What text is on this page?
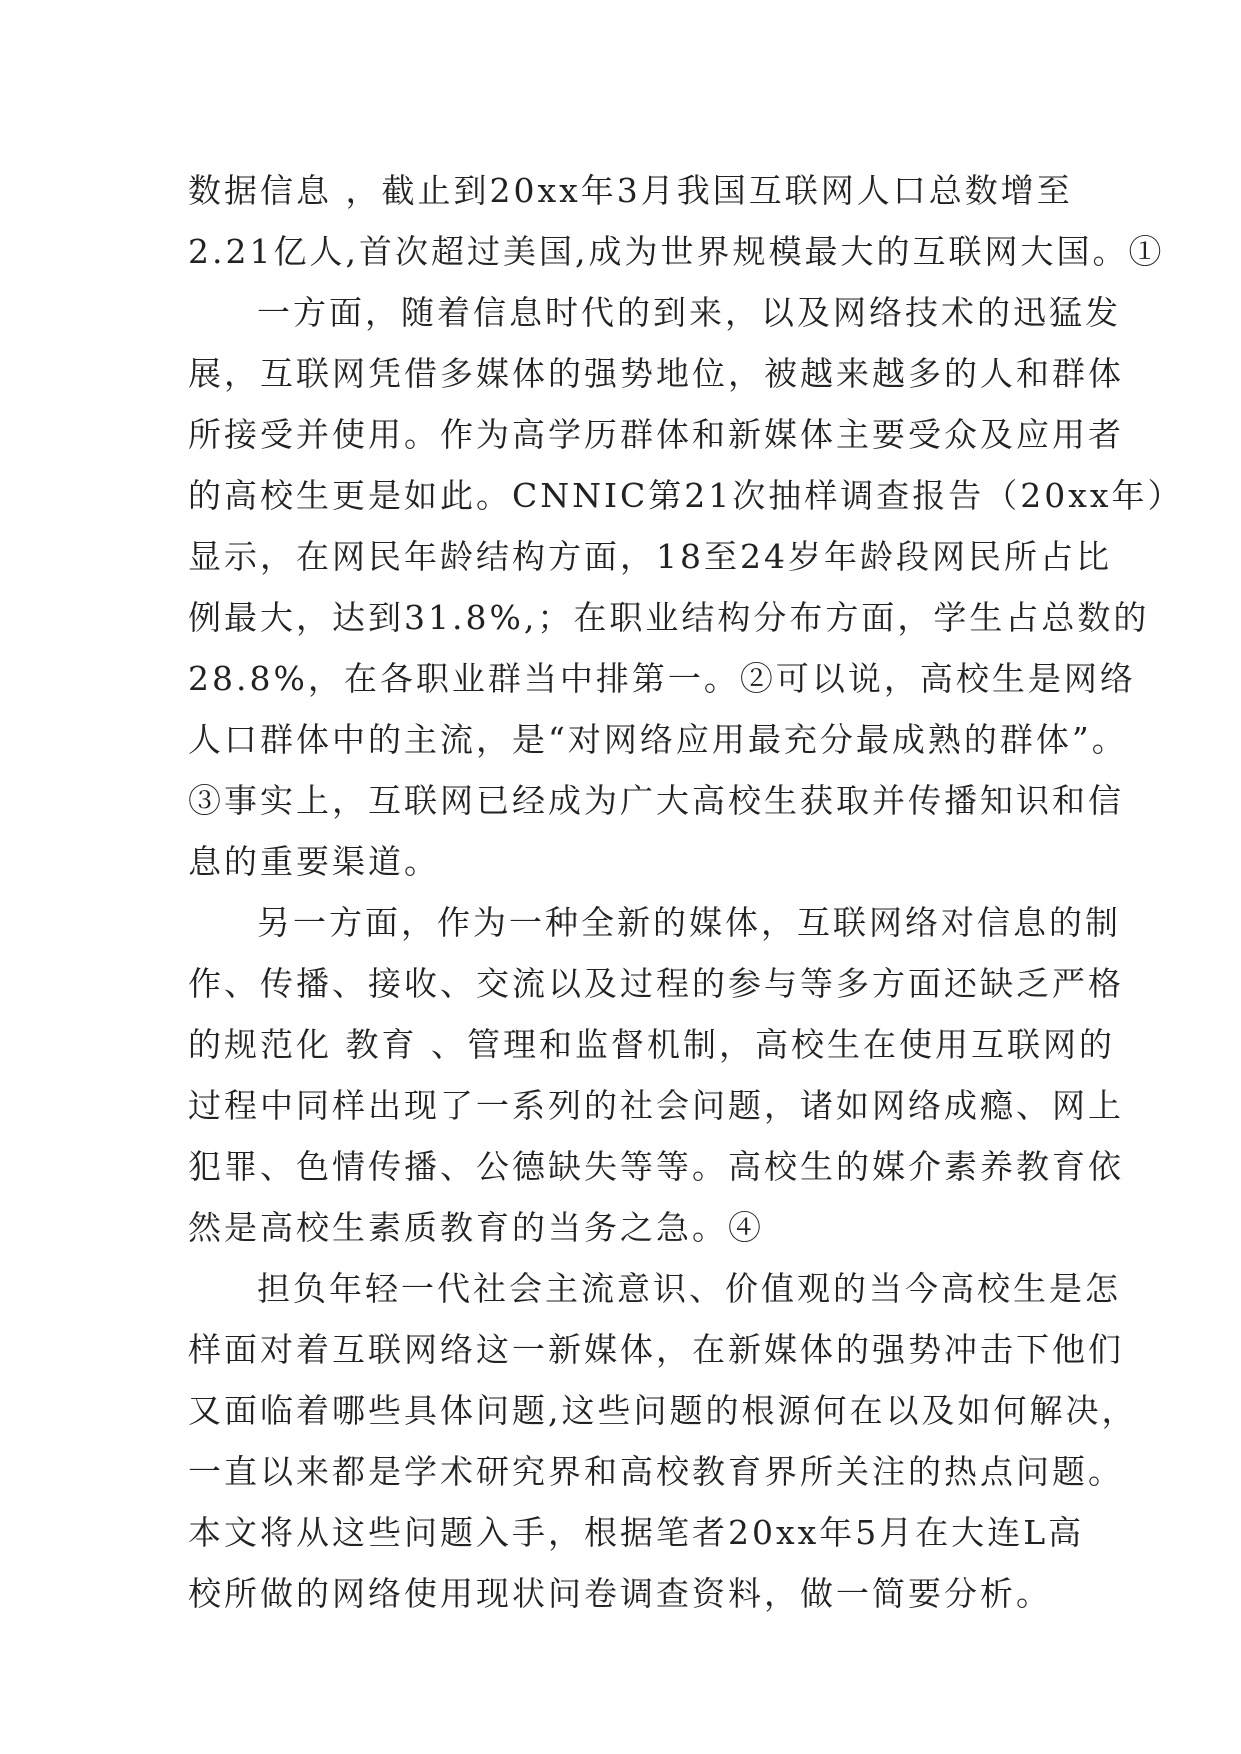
数据信息 ，截止到20xx年3月我国互联网人口总数增至
2.21亿人,首次超过美国,成为世界规模最大的互联网大国。①
一方面，随着信息时代的到来，以及网络技术的迅猛发
展，互联网凭借多媒体的强势地位，被越来越多的人和群体
所接受并使用。作为高学历群体和新媒体主要受众及应用者
的高校生更是如此。CNNIC第21次抽样调查报告（20xx年）
显示，在网民年龄结构方面，18至24岁年龄段网民所占比
例最大，达到31.8%,；在职业结构分布方面，学生占总数的
28.8%，在各职业群当中排第一。②可以说，高校生是网络
人口群体中的主流，是“对网络应用最充分最成熟的群体”。
③事实上，互联网已经成为广大高校生获取并传播知识和信
息的重要渠道。
另一方面，作为一种全新的媒体，互联网络对信息的制
作、传播、接收、交流以及过程的参与等多方面还缺乏严格
的规范化 教育 、管理和监督机制，高校生在使用互联网的
过程中同样出现了一系列的社会问题，诸如网络成瘾、网上
犯罪、色情传播、公德缺失等等。高校生的媒介素养教育依
然是高校生素质教育的当务之急。④
担负年轻一代社会主流意识、价值观的当今高校生是怎
样面对着互联网络这一新媒体，在新媒体的强势冲击下他们
又面临着哪些具体问题,这些问题的根源何在以及如何解决，
一直以来都是学术研究界和高校教育界所关注的热点问题。
本文将从这些问题入手，根据笔者20xx年5月在大连L高
校所做的网络使用现状问卷调查资料，做一简要分析。
